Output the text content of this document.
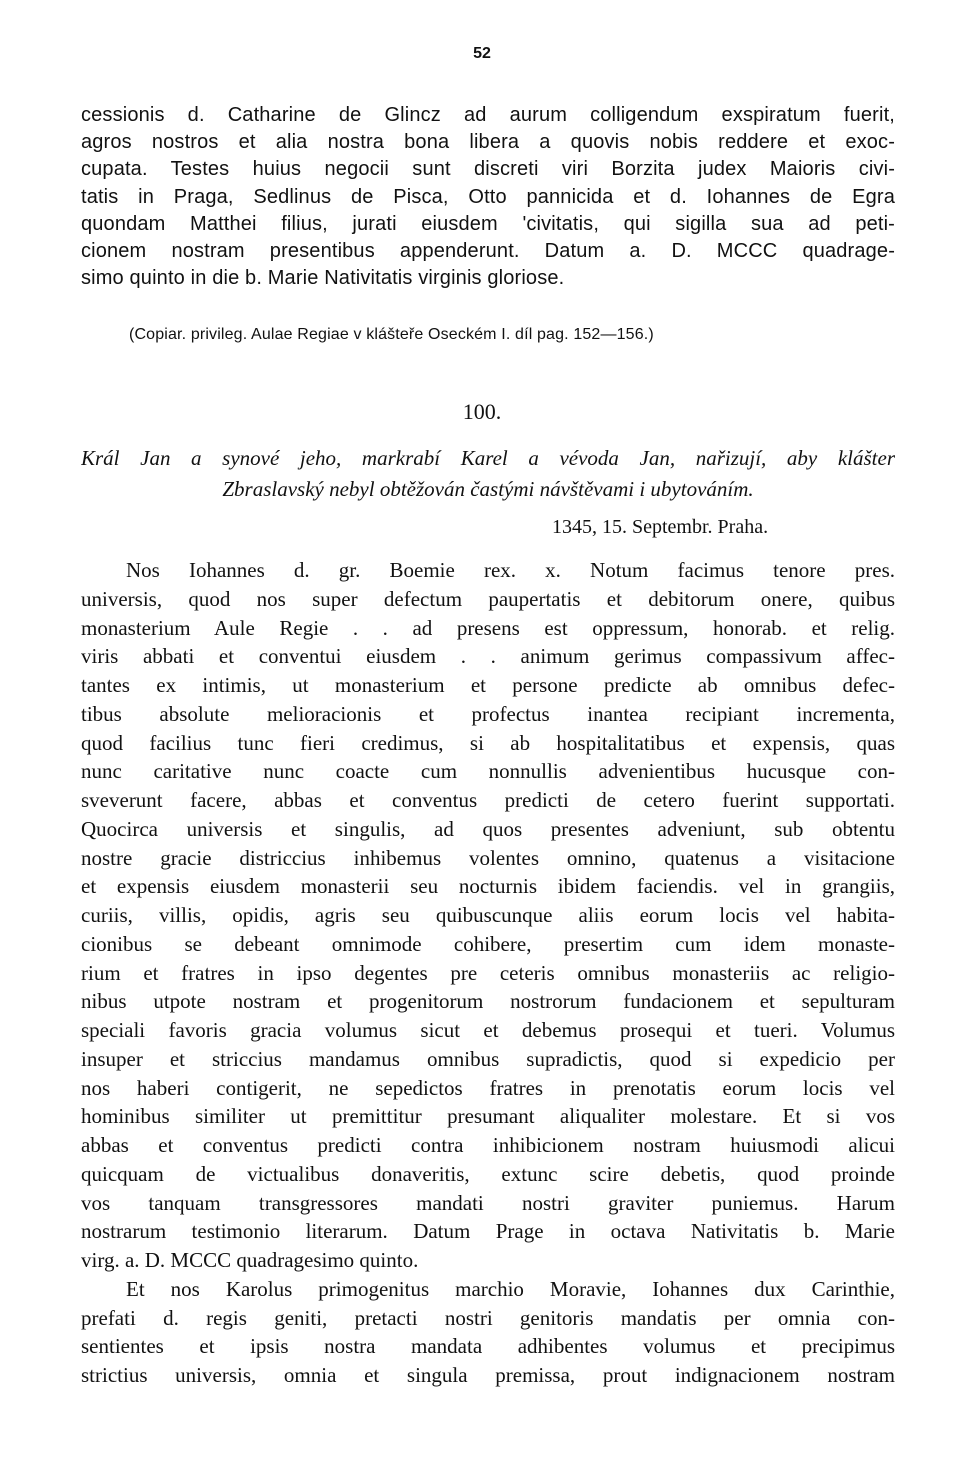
52
cessionis d. Catharine de Glincz ad aurum colligendum exspiratum fuerit,
agros nostros et alia nostra bona libera a quovis nobis reddere et exoc-
cupata. Testes huius negocii sunt discreti viri Borzita judex Maioris civi-
tatis in Praga, Sedlinus de Pisca, Otto pannicida et d. Iohannes de Egra
quondam Matthei filius, jurati eiusdem 'civitatis, qui sigilla sua ad peti-
cionem nostram presentibus appenderunt. Datum a. D. MCCC quadrage-
simo quinto in die b. Marie Nativitatis virginis gloriose.
(Copiar. privileg. Aulae Regiae v klášteře Oseckém I. díl pag. 152—156.)
100.
Král Jan a synové jeho, markrabí Karel a vévoda Jan, nařizují, aby klášter
Zbraslavský nebyl obtěžován častými návštěvami i ubytováním.
1345, 15. Septembr. Praha.
Nos Iohannes d. gr. Boemie rex. x. Notum facimus tenore pres.
universis, quod nos super defectum paupertatis et debitorum onere, quibus
monasterium Aule Regie . . ad presens est oppressum, honorab. et relig.
viris abbati et conventui eiusdem . . animum gerimus compassivum affec-
tantes ex intimis, ut monasterium et persone predicte ab omnibus defec-
tibus absolute melioracionis et profectus inantea recipiant incrementa,
quod facilius tunc fieri credimus, si ab hospitalitatibus et expensis, quas
nunc caritative nunc coacte cum nonnullis advenientibus hucusque con-
sveverunt facere, abbas et conventus predicti de cetero fuerint supportati.
Quocirca universis et singulis, ad quos presentes adveniunt, sub obtentu
nostre gracie districcius inhibemus volentes omnino, quatenus a visitacione
et expensis eiusdem monasterii seu nocturnis ibidem faciendis. vel in grangiis,
curiis, villis, opidis, agris seu quibuscunque aliis eorum locis vel habita-
cionibus se debeant omnimode cohibere, presertim cum idem monaste-
rium et fratres in ipso degentes pre ceteris omnibus monasteriis ac religio-
nibus utpote nostram et progenitorum nostrorum fundacionem et sepulturam
speciali favoris gracia volumus sicut et debemus prosequi et tueri. Volumus
insuper et striccius mandamus omnibus supradictis, quod si expedicio per
nos haberi contigerit, ne sepedictos fratres in prenotatis eorum locis vel
hominibus similiter ut premittitur presumant aliqualiter molestare. Et si vos
abbas et conventus predicti contra inhibicionem nostram huiusmodi alicui
quicquam de victualibus donaveritis, extunc scire debetis, quod proinde
vos tanquam transgressores mandati nostri graviter puniemus. Harum
nostrarum testimonio literarum. Datum Prage in octava Nativitatis b. Marie
virg. a. D. MCCC quadragesimo quinto.
Et nos Karolus primogenitus marchio Moravie, Iohannes dux Carinthie,
prefati d. regis geniti, pretacti nostri genitoris mandatis per omnia con-
sentientes et ipsis nostra mandata adhibentes volumus et precipimus
strictius universis, omnia et singula premissa, prout indignacionem nostram
